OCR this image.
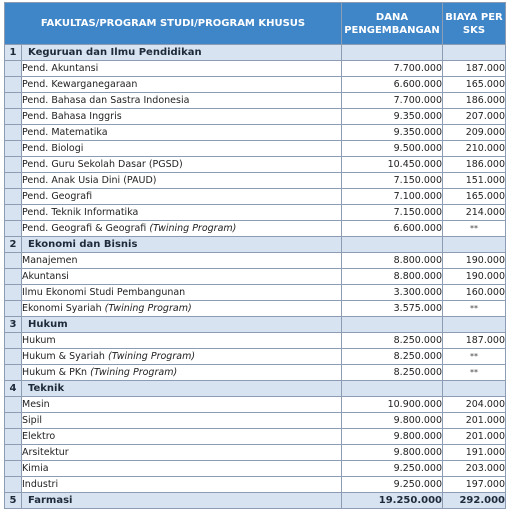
FAKULTAS/PROGRAM STUDI/PROGRAM KHUSUS		DANA PENGEMBANGAN	BIAYA PER SKS
1	Keguruan dan Ilmu Pendidikan		
	Pend. Akuntansi	7.700.000	187.000
	Pend. Kewarganegaraan	6.600.000	165.000
	Pend. Bahasa dan Sastra Indonesia	7.700.000	186.000
	Pend. Bahasa Inggris	9.350.000	207.000
	Pend. Matematika	9.350.000	209.000
	Pend. Biologi	9.500.000	210.000
	Pend. Guru Sekolah Dasar (PGSD)	10.450.000	186.000
	Pend. Anak Usia Dini (PAUD)	7.150.000	151.000
	Pend. Geografi	7.100.000	165.000
	Pend. Teknik Informatika	7.150.000	214.000
	Pend. Geografi & Geografi (Twining Program)	6.600.000	**
2	Ekonomi dan Bisnis		
	Manajemen	8.800.000	190.000
	Akuntansi	8.800.000	190.000
	Ilmu Ekonomi Studi Pembangunan	3.300.000	160.000
	Ekonomi Syariah (Twining Program)	3.575.000	**
3	Hukum		
	Hukum	8.250.000	187.000
	Hukum & Syariah (Twining Program)	8.250.000	**
	Hukum & PKn (Twining Program)	8.250.000	**
4	Teknik		
	Mesin	10.900.000	204.000
	Sipil	9.800.000	201.000
	Elektro	9.800.000	201.000
	Arsitektur	9.800.000	191.000
	Kimia	9.250.000	203.000
	Industri	9.250.000	197.000
5	Farmasi	19.250.000	292.000
